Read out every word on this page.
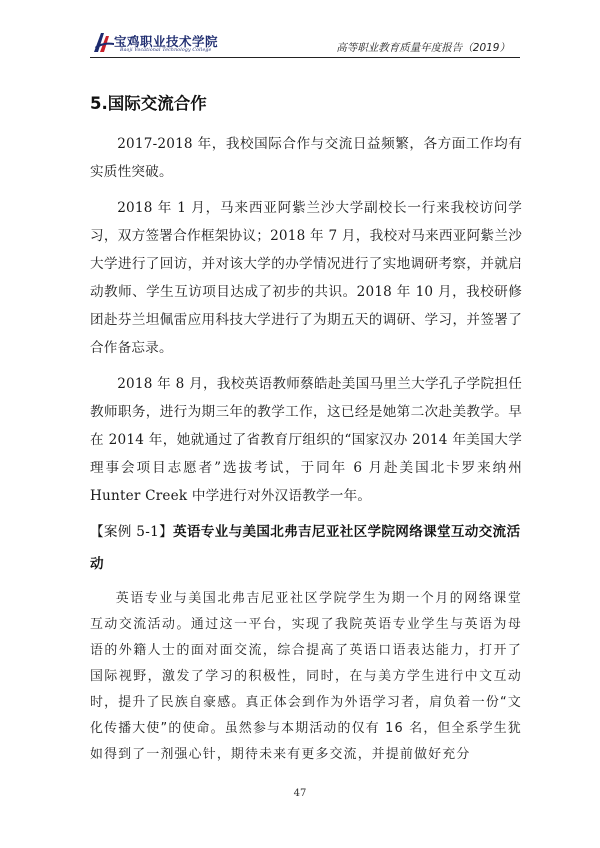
宝鸡职业技术学院
Baoji Vocational Technology College	高等职业教育质量年度报告（2019）
5.国际交流合作

2017-2018 年，我校国际合作与交流日益频繁，各方面工作均有实质性突破。

2018 年 1 月，马来西亚阿紫兰沙大学副校长一行来我校访问学习，双方签署合作框架协议；2018 年 7 月，我校对马来西亚阿紫兰沙大学进行了回访，并对该大学的办学情况进行了实地调研考察，并就启动教师、学生互访项目达成了初步的共识。2018 年 10 月，我校研修团赴芬兰坦佩雷应用科技大学进行了为期五天的调研、学习，并签署了合作备忘录。

2018 年 8 月，我校英语教师蔡皓赴美国马里兰大学孔子学院担任教师职务，进行为期三年的教学工作，这已经是她第二次赴美教学。早在 2014 年，她就通过了省教育厅组织的“国家汉办 2014 年美国大学理事会项目志愿者”选拔考试，于同年 6 月赴美国北卡罗来纳州 Hunter Creek 中学进行对外汉语教学一年。

【案例 5-1】英语专业与美国北弗吉尼亚社区学院网络课堂互动交流活动

英语专业与美国北弗吉尼亚社区学院学生为期一个月的网络课堂互动交流活动。通过这一平台，实现了我院英语专业学生与英语为母语的外籍人士的面对面交流，综合提高了英语口语表达能力，打开了国际视野，激发了学习的积极性，同时，在与美方学生进行中文互动时，提升了民族自豪感。真正体会到作为外语学习者，肩负着一份“文化传播大使”的使命。虽然参与本期活动的仅有 16 名，但全系学生犹如得到了一剂强心针，期待未来有更多交流，并提前做好充分

47
